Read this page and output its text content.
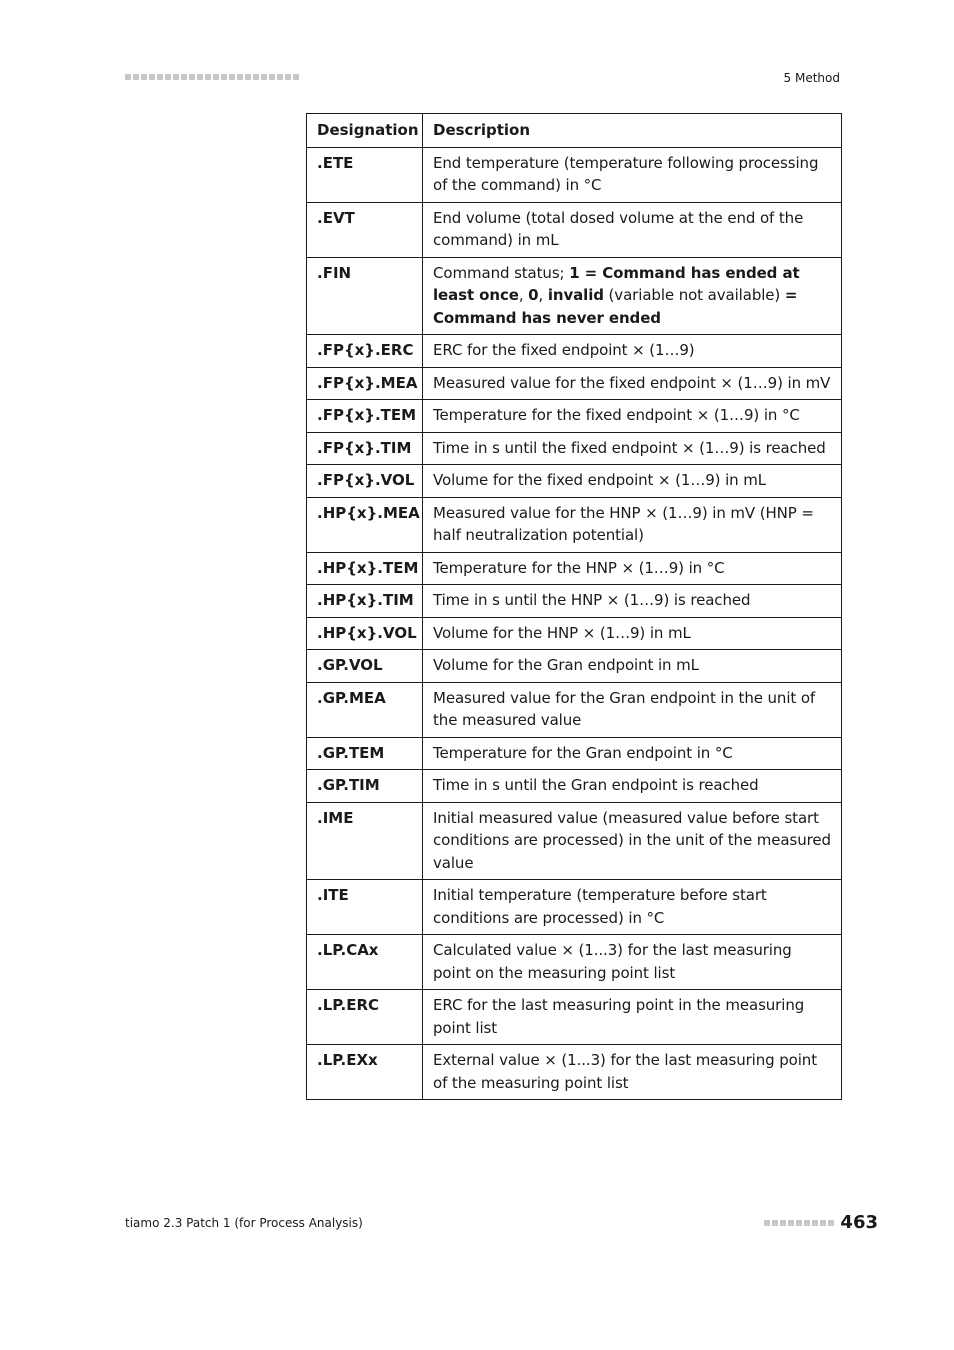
5 Method
Designation	Description
.ETE	End temperature (temperature following processing of the command) in °C
.EVT	End volume (total dosed volume at the end of the command) in mL
.FIN	Command status; 1 = Command has ended at least once, 0, invalid (variable not available) = Command has never ended
.FP{x}.ERC	ERC for the fixed endpoint × (1…9)
.FP{x}.MEA	Measured value for the fixed endpoint × (1…9) in mV
.FP{x}.TEM	Temperature for the fixed endpoint × (1…9) in °C
.FP{x}.TIM	Time in s until the fixed endpoint × (1…9) is reached
.FP{x}.VOL	Volume for the fixed endpoint × (1…9) in mL
.HP{x}.MEA	Measured value for the HNP × (1…9) in mV (HNP = half neutralization potential)
.HP{x}.TEM	Temperature for the HNP × (1…9) in °C
.HP{x}.TIM	Time in s until the HNP × (1…9) is reached
.HP{x}.VOL	Volume for the HNP × (1…9) in mL
.GP.VOL	Volume for the Gran endpoint in mL
.GP.MEA	Measured value for the Gran endpoint in the unit of the measured value
.GP.TEM	Temperature for the Gran endpoint in °C
.GP.TIM	Time in s until the Gran endpoint is reached
.IME	Initial measured value (measured value before start conditions are processed) in the unit of the measured value
.ITE	Initial temperature (temperature before start conditions are processed) in °C
.LP.CAx	Calculated value × (1...3) for the last measuring point on the measuring point list
.LP.ERC	ERC for the last measuring point in the measuring point list
.LP.EXx	External value × (1...3) for the last measuring point of the measuring point list
tiamo 2.3 Patch 1 (for Process Analysis)	463
